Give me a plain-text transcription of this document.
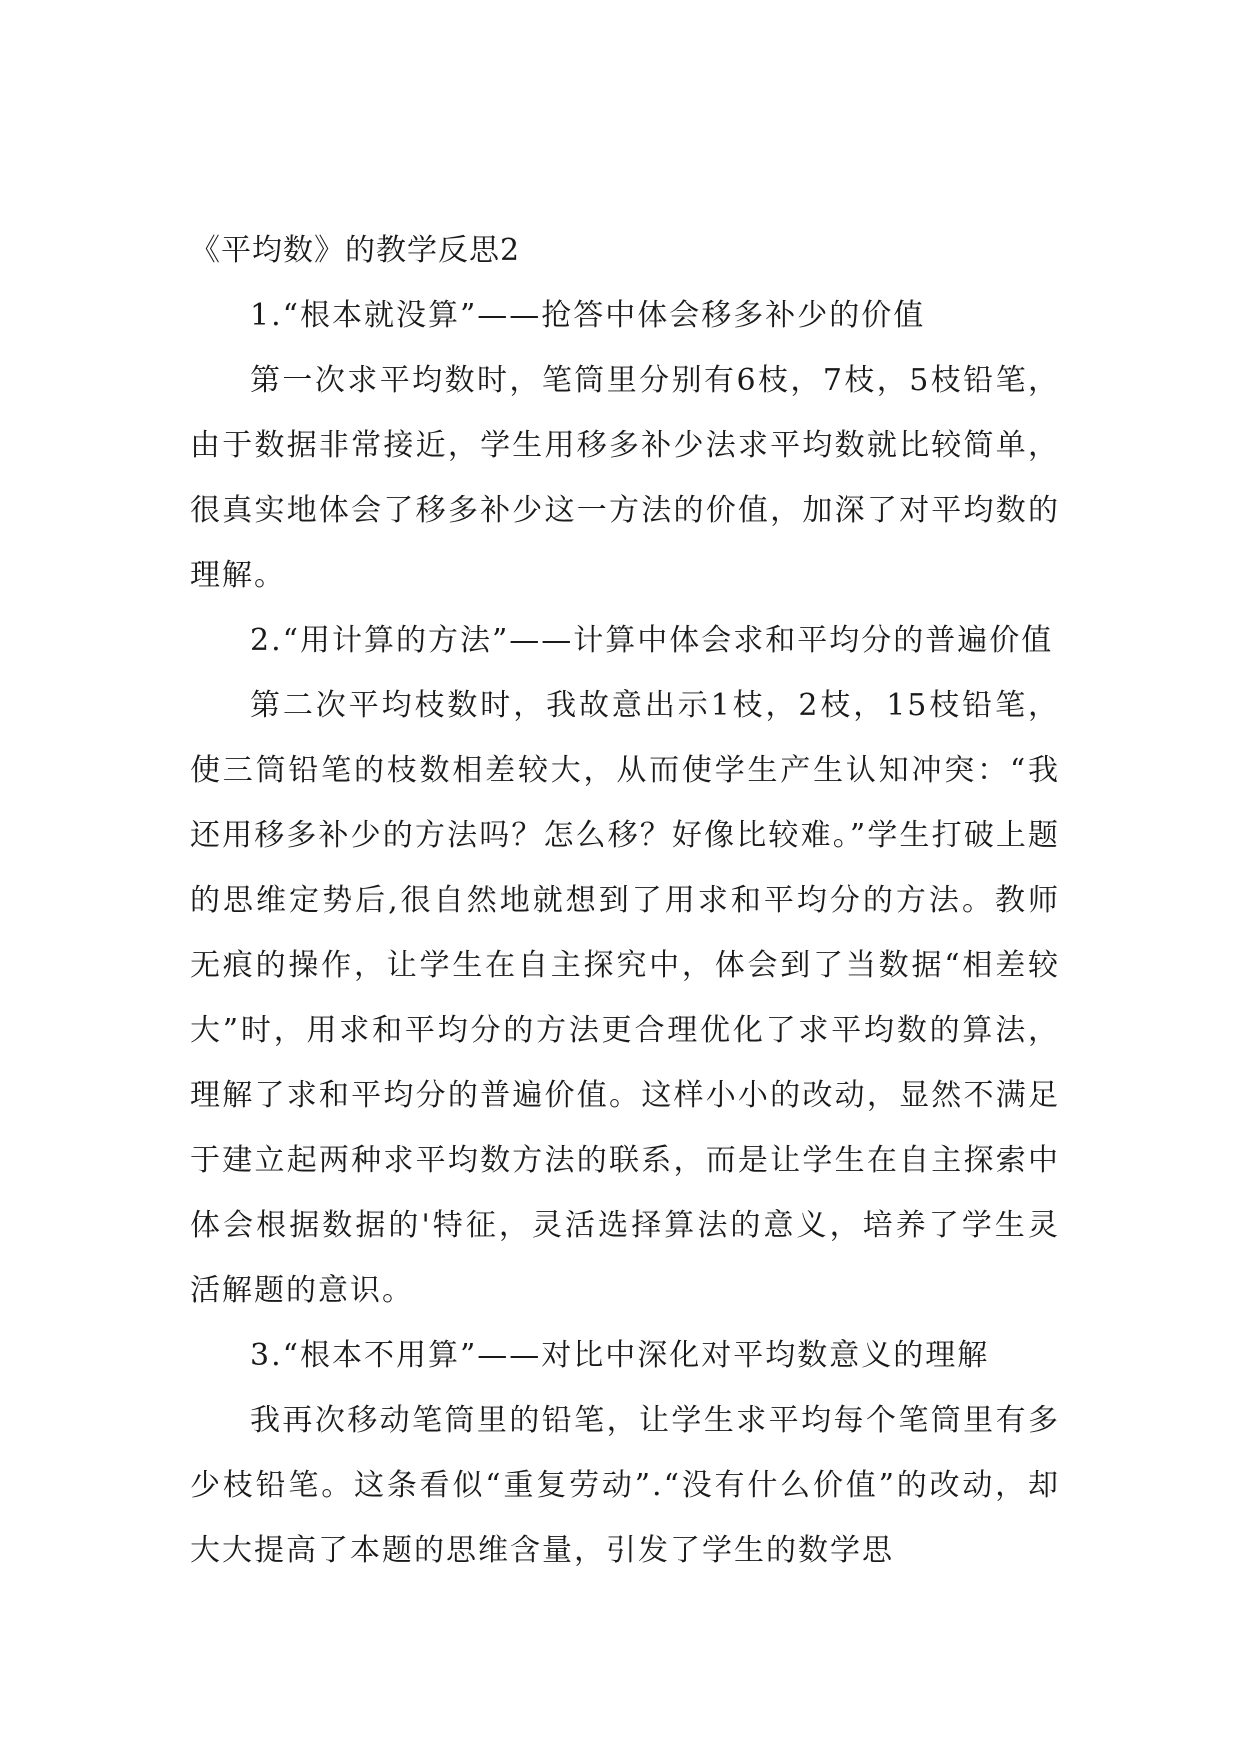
《平均数》的教学反思2

1.“根本就没算”——抢答中体会移多补少的价值

第一次求平均数时，笔筒里分别有6枝，7枝，5枝铅笔，由于数据非常接近，学生用移多补少法求平均数就比较简单，很真实地体会了移多补少这一方法的价值，加深了对平均数的理解。

2.“用计算的方法”——计算中体会求和平均分的普遍价值

第二次平均枝数时，我故意出示1枝，2枝，15枝铅笔，使三筒铅笔的枝数相差较大，从而使学生产生认知冲突：“我还用移多补少的方法吗？怎么移？好像比较难。”学生打破上题的思维定势后,很自然地就想到了用求和平均分的方法。教师无痕的操作，让学生在自主探究中，体会到了当数据“相差较大”时，用求和平均分的方法更合理优化了求平均数的算法，理解了求和平均分的普遍价值。这样小小的改动，显然不满足于建立起两种求平均数方法的联系，而是让学生在自主探索中体会根据数据的'特征，灵活选择算法的意义，培养了学生灵活解题的意识。

3.“根本不用算”——对比中深化对平均数意义的理解

我再次移动笔筒里的铅笔，让学生求平均每个笔筒里有多少枝铅笔。这条看似“重复劳动”.“没有什么价值”的改动，却大大提高了本题的思维含量，引发了学生的数学思
